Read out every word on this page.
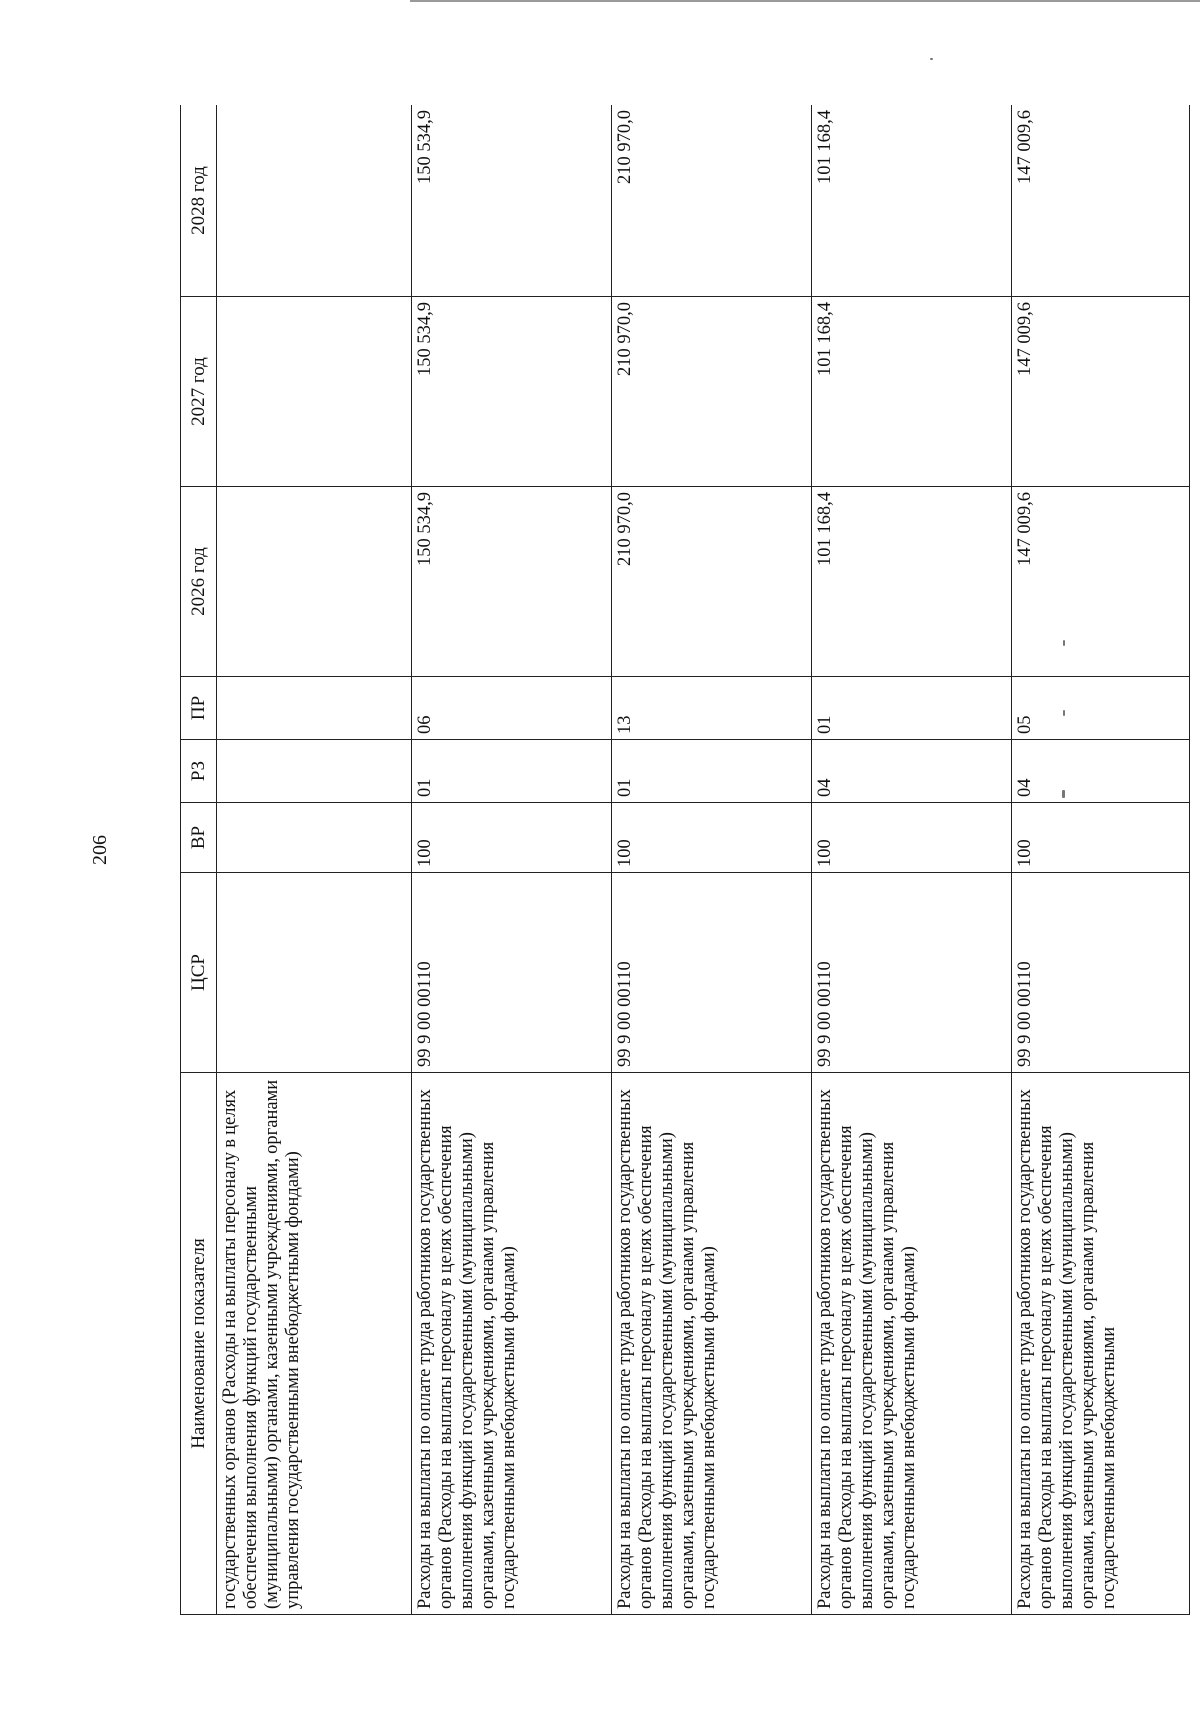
206
Наименование показателя	ЦСР	ВР	РЗ	ПР	2026 год	2027 год	2028 год
государственных органов (Расходы на выплаты персоналу в целях обеспечения выполнения функций государственными (муниципальными) органами, казенными учреждениями, органами управления государственными внебюджетными фондами)							
Расходы на выплаты по оплате труда работников государственных органов (Расходы на выплаты персоналу в целях обеспечения выполнения функций государственными (муниципальными) органами, казенными учреждениями, органами управления государственными внебюджетными фондами)	99 9 00 00110	100	01	06	150 534,9	150 534,9	150 534,9
Расходы на выплаты по оплате труда работников государственных органов (Расходы на выплаты персоналу в целях обеспечения выполнения функций государственными (муниципальными) органами, казенными учреждениями, органами управления государственными внебюджетными фондами)	99 9 00 00110	100	01	13	210 970,0	210 970,0	210 970,0
Расходы на выплаты по оплате труда работников государственных органов (Расходы на выплаты персоналу в целях обеспечения выполнения функций государственными (муниципальными) органами, казенными учреждениями, органами управления государственными внебюджетными фондами)	99 9 00 00110	100	04	01	101 168,4	101 168,4	101 168,4
Расходы на выплаты по оплате труда работников государственных органов (Расходы на выплаты персоналу в целях обеспечения выполнения функций государственными (муниципальными) органами, казенными учреждениями, органами управления государственными внебюджетными	99 9 00 00110	100	04	05	147 009,6	147 009,6	147 009,6
